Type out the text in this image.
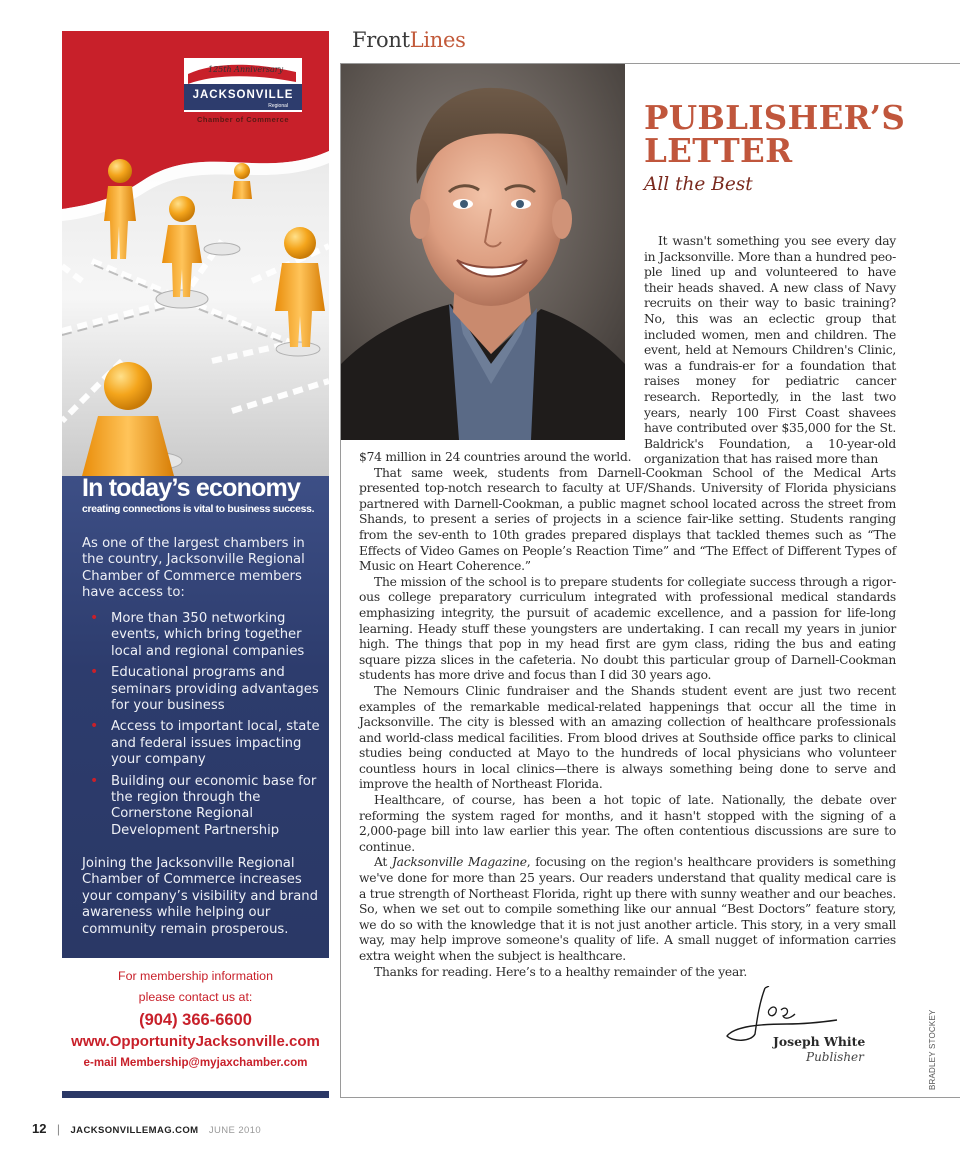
125th Anniversary
JACKSONVILLE
Regional
Chamber of Commerce
In today’s economy
creating connections is vital to business success.

As one of the largest chambers in the country, Jacksonville Regional Chamber of Commerce members have access to:

• More than 350 networking events, which bring together local and regional companies
• Educational programs and seminars providing advantages for your business
• Access to important local, state and federal issues impacting your company
• Building our economic base for the region through the Cornerstone Regional Development Partnership

Joining the Jacksonville Regional Chamber of Commerce increases your company’s visibility and brand awareness while helping our community remain prosperous.

For membership information
please contact us at:
(904) 366-6600
www.OpportunityJacksonville.com
e-mail Membership@myjaxchamber.com
FrontLines
PUBLISHER’S
LETTER
All the Best

It wasn't something you see every day in Jacksonville. More than a hundred peo-ple lined up and volunteered to have their heads shaved. A new class of Navy recruits on their way to basic training? No, this was an eclectic group that included women, men and children. The event, held at Nemours Children's Clinic, was a fundrais-er for a foundation that raises money for pediatric cancer research. Reportedly, in the last two years, nearly 100 First Coast shavees have contributed over $35,000 for the St. Baldrick's Foundation, a 10-year-old organization that has raised more than

$74 million in 24 countries around the world.

That same week, students from Darnell-Cookman School of the Medical Arts presented top-notch research to faculty at UF/Shands. University of Florida physicians partnered with Darnell-Cookman, a public magnet school located across the street from Shands, to present a series of projects in a science fair-like setting. Students ranging from the sev-enth to 10th grades prepared displays that tackled themes such as “The Effects of Video Games on People’s Reaction Time” and “The Effect of Different Types of Music on Heart Coherence.”

The mission of the school is to prepare students for collegiate success through a rigor-ous college preparatory curriculum integrated with professional medical standards emphasizing integrity, the pursuit of academic excellence, and a passion for life-long learning. Heady stuff these youngsters are undertaking. I can recall my years in junior high. The things that pop in my head first are gym class, riding the bus and eating square pizza slices in the cafeteria. No doubt this particular group of Darnell-Cookman students has more drive and focus than I did 30 years ago.

The Nemours Clinic fundraiser and the Shands student event are just two recent examples of the remarkable medical-related happenings that occur all the time in Jacksonville. The city is blessed with an amazing collection of healthcare professionals and world-class medical facilities. From blood drives at Southside office parks to clinical studies being conducted at Mayo to the hundreds of local physicians who volunteer countless hours in local clinics—there is always something being done to serve and improve the health of Northeast Florida.

Healthcare, of course, has been a hot topic of late. Nationally, the debate over reforming the system raged for months, and it hasn't stopped with the signing of a 2,000-page bill into law earlier this year. The often contentious discussions are sure to continue.

At Jacksonville Magazine, focusing on the region's healthcare providers is something we've done for more than 25 years. Our readers understand that quality medical care is a true strength of Northeast Florida, right up there with sunny weather and our beaches. So, when we set out to compile something like our annual “Best Doctors” feature story, we do so with the knowledge that it is not just another article. This story, in a very small way, may help improve someone's quality of life. A small nugget of information carries extra weight when the subject is healthcare.

Thanks for reading. Here’s to a healthy remainder of the year.

Joseph White
Publisher	BRADLEY STOCKEY
12 | JACKSONVILLEMAG.COM JUNE 2010
